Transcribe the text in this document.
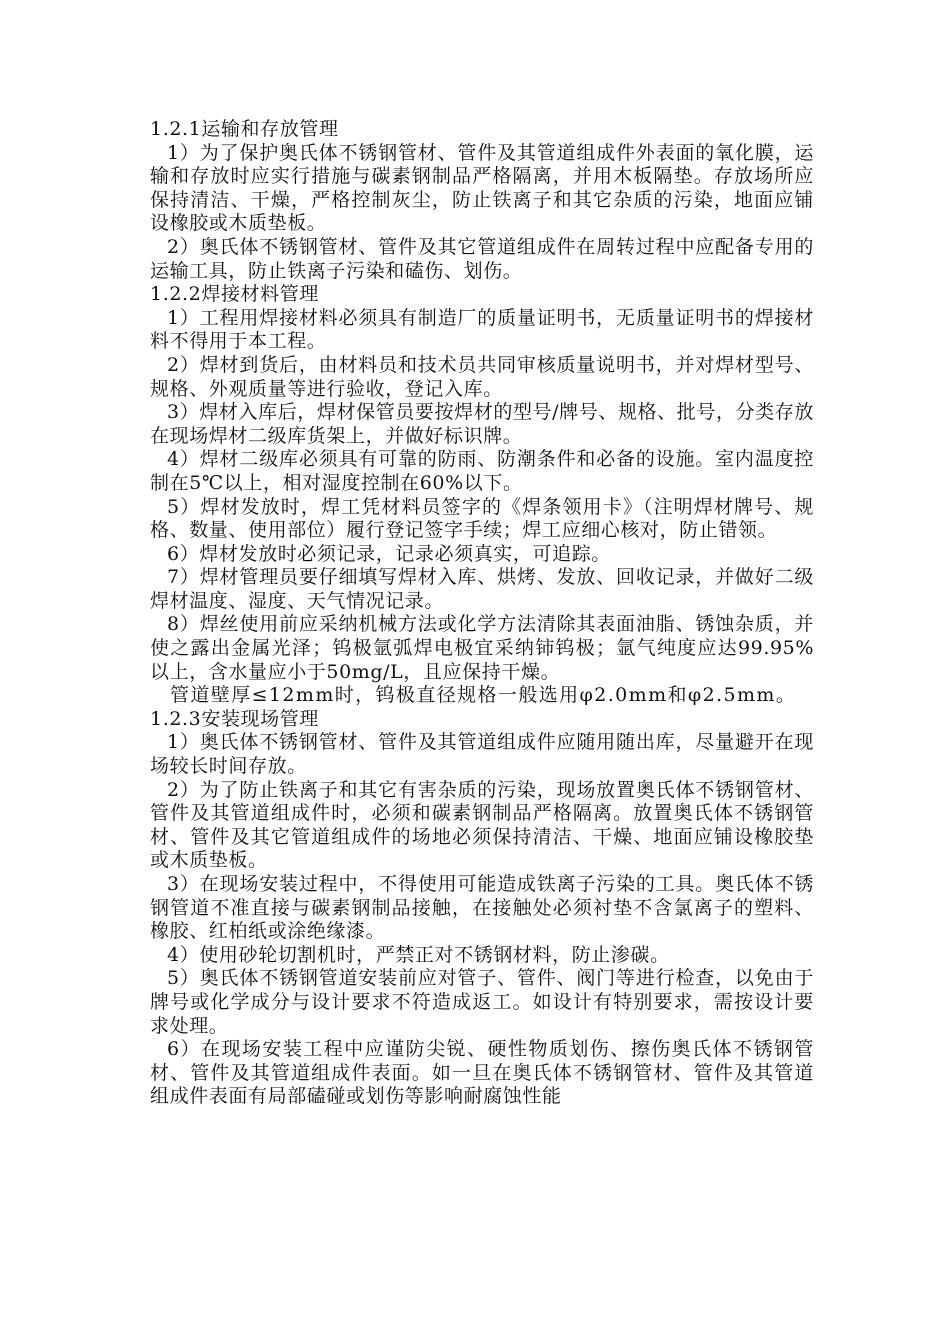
1.2.1运输和存放管理

1）为了保护奥氏体不锈钢管材、管件及其管道组成件外表面的氧化膜，运输和存放时应实行措施与碳素钢制品严格隔离，并用木板隔垫。存放场所应保持清洁、干燥，严格控制灰尘，防止铁离子和其它杂质的污染，地面应铺设橡胶或木质垫板。

2）奥氏体不锈钢管材、管件及其它管道组成件在周转过程中应配备专用的运输工具，防止铁离子污染和磕伤、划伤。

1.2.2焊接材料管理

1）工程用焊接材料必须具有制造厂的质量证明书，无质量证明书的焊接材料不得用于本工程。

2）焊材到货后，由材料员和技术员共同审核质量说明书，并对焊材型号、规格、外观质量等进行验收，登记入库。

3）焊材入库后，焊材保管员要按焊材的型号/牌号、规格、批号，分类存放在现场焊材二级库货架上，并做好标识牌。

4）焊材二级库必须具有可靠的防雨、防潮条件和必备的设施。室内温度控制在5℃以上，相对湿度控制在60%以下。

5）焊材发放时，焊工凭材料员签字的《焊条领用卡》（注明焊材牌号、规格、数量、使用部位）履行登记签字手续；焊工应细心核对，防止错领。

6）焊材发放时必须记录，记录必须真实，可追踪。

7）焊材管理员要仔细填写焊材入库、烘烤、发放、回收记录，并做好二级焊材温度、湿度、天气情况记录。

8）焊丝使用前应采纳机械方法或化学方法清除其表面油脂、锈蚀杂质，并使之露出金属光泽；钨极氩弧焊电极宜采纳铈钨极；氩气纯度应达99.95%以上，含水量应小于50mg/L，且应保持干燥。

管道壁厚≤12mm时，钨极直径规格一般选用φ2.0mm和φ2.5mm。

1.2.3安装现场管理

1）奥氏体不锈钢管材、管件及其管道组成件应随用随出库，尽量避开在现场较长时间存放。

2）为了防止铁离子和其它有害杂质的污染，现场放置奥氏体不锈钢管材、管件及其管道组成件时，必须和碳素钢制品严格隔离。放置奥氏体不锈钢管材、管件及其它管道组成件的场地必须保持清洁、干燥、地面应铺设橡胶垫或木质垫板。

3）在现场安装过程中，不得使用可能造成铁离子污染的工具。奥氏体不锈钢管道不准直接与碳素钢制品接触，在接触处必须衬垫不含氯离子的塑料、橡胶、红柏纸或涂绝缘漆。

4）使用砂轮切割机时，严禁正对不锈钢材料，防止渗碳。

5）奥氏体不锈钢管道安装前应对管子、管件、阀门等进行检查，以免由于牌号或化学成分与设计要求不符造成返工。如设计有特别要求，需按设计要求处理。

6）在现场安装工程中应谨防尖锐、硬性物质划伤、擦伤奥氏体不锈钢管材、管件及其管道组成件表面。如一旦在奥氏体不锈钢管材、管件及其管道组成件表面有局部磕碰或划伤等影响耐腐蚀性能
